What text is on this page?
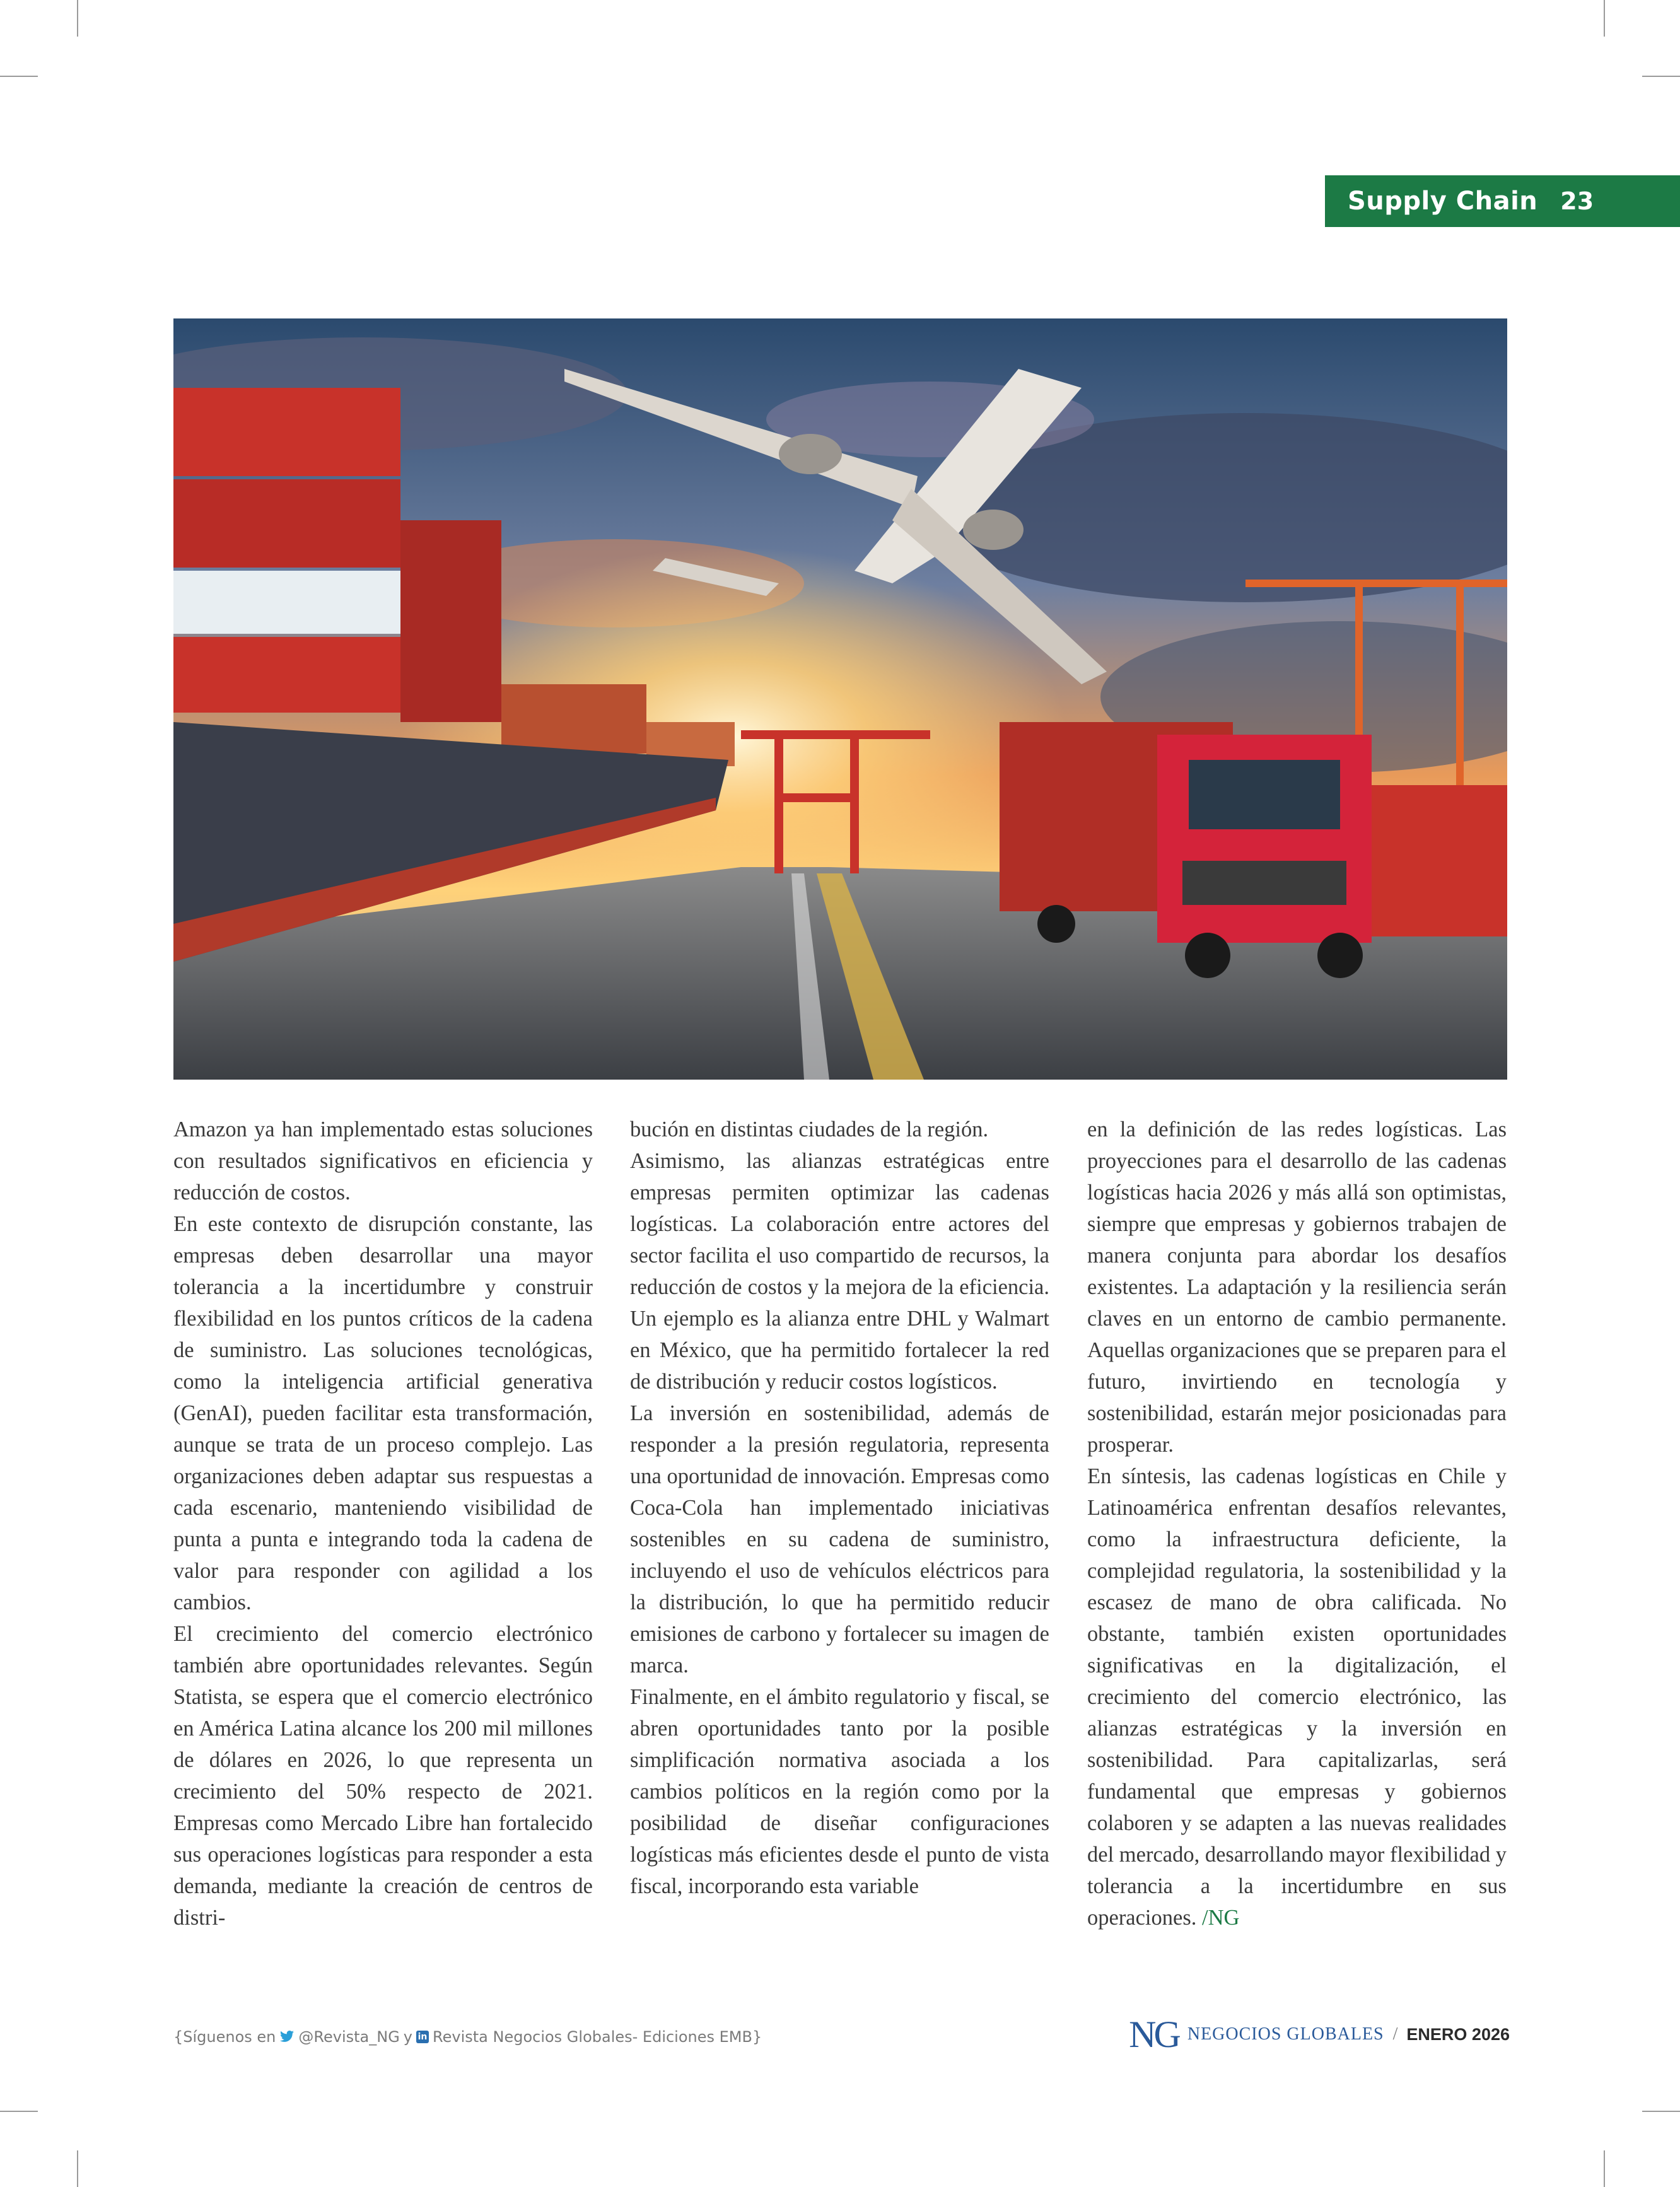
Supply Chain 23

Amazon ya han implementado estas soluciones con resultados significativos en eficiencia y reducción de costos.

En este contexto de disrupción constante, las empresas deben desarrollar una mayor tolerancia a la incertidumbre y construir flexibilidad en los puntos críticos de la cadena de suministro. Las soluciones tecnológicas, como la inteligencia artificial generativa (GenAI), pueden facilitar esta transformación, aunque se trata de un proceso complejo. Las organizaciones deben adaptar sus respuestas a cada escenario, manteniendo visibilidad de punta a punta e integrando toda la cadena de valor para responder con agilidad a los cambios.

El crecimiento del comercio electrónico también abre oportunidades relevantes. Según Statista, se espera que el comercio electrónico en América Latina alcance los 200 mil millones de dólares en 2026, lo que representa un crecimiento del 50% respecto de 2021. Empresas como Mercado Libre han fortalecido sus operaciones logísticas para responder a esta demanda, mediante la creación de centros de distri-

bución en distintas ciudades de la región.

Asimismo, las alianzas estratégicas entre empresas permiten optimizar las cadenas logísticas. La colaboración entre actores del sector facilita el uso compartido de recursos, la reducción de costos y la mejora de la eficiencia. Un ejemplo es la alianza entre DHL y Walmart en México, que ha permitido fortalecer la red de distribución y reducir costos logísticos.

La inversión en sostenibilidad, además de responder a la presión regulatoria, representa una oportunidad de innovación. Empresas como Coca-Cola han implementado iniciativas sostenibles en su cadena de suministro, incluyendo el uso de vehículos eléctricos para la distribución, lo que ha permitido reducir emisiones de carbono y fortalecer su imagen de marca.

Finalmente, en el ámbito regulatorio y fiscal, se abren oportunidades tanto por la posible simplificación normativa asociada a los cambios políticos en la región como por la posibilidad de diseñar configuraciones logísticas más eficientes desde el punto de vista fiscal, incorporando esta variable

en la definición de las redes logísticas. Las proyecciones para el desarrollo de las cadenas logísticas hacia 2026 y más allá son optimistas, siempre que empresas y gobiernos trabajen de manera conjunta para abordar los desafíos existentes. La adaptación y la resiliencia serán claves en un entorno de cambio permanente. Aquellas organizaciones que se preparen para el futuro, invirtiendo en tecnología y sostenibilidad, estarán mejor posicionadas para prosperar.

En síntesis, las cadenas logísticas en Chile y Latinoamérica enfrentan desafíos relevantes, como la infraestructura deficiente, la complejidad regulatoria, la sostenibilidad y la escasez de mano de obra calificada. No obstante, también existen oportunidades significativas en la digitalización, el crecimiento del comercio electrónico, las alianzas estratégicas y la inversión en sostenibilidad. Para capitalizarlas, será fundamental que empresas y gobiernos colaboren y se adapten a las nuevas realidades del mercado, desarrollando mayor flexibilidad y tolerancia a la incertidumbre en sus operaciones. /NG

{Síguenos en @Revista_NG y in Revista Negocios Globales- Ediciones EMB}	NG NEGOCIOS GLOBALES / ENERO 2026
